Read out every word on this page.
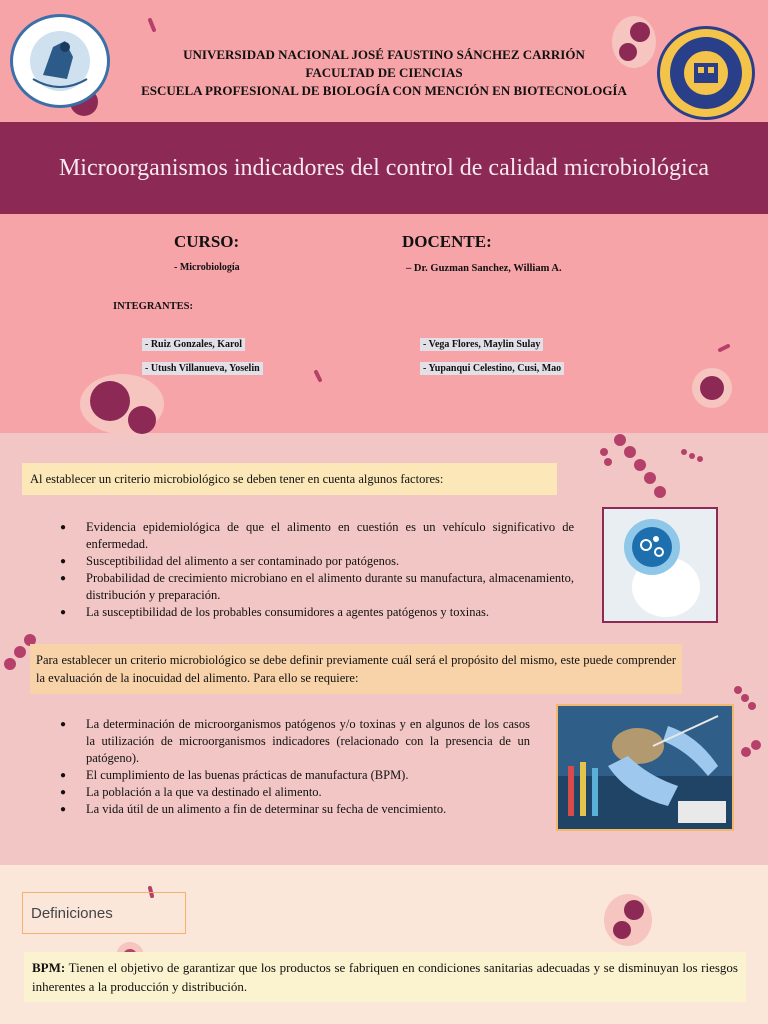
UNIVERSIDAD NACIONAL JOSÉ FAUSTINO SÁNCHEZ CARRIÓN
FACULTAD DE CIENCIAS
ESCUELA PROFESIONAL DE BIOLOGÍA CON MENCIÓN EN BIOTECNOLOGÍA
Microorganismos indicadores del control de calidad microbiológica
CURSO:
- Microbiología
DOCENTE:
– Dr. Guzman Sanchez, William A.
INTEGRANTES:
- Ruiz Gonzales, Karol
- Utush Villanueva, Yoselin
- Vega Flores, Maylin Sulay
- Yupanqui Celestino, Cusi, Mao
Al establecer un criterio microbiológico se deben tener en cuenta algunos factores:
● Evidencia epidemiológica de que el alimento en cuestión es un vehículo significativo de enfermedad.
● Susceptibilidad del alimento a ser contaminado por patógenos.
● Probabilidad de crecimiento microbiano en el alimento durante su manufactura, almacenamiento, distribución y preparación.
● La susceptibilidad de los probables consumidores a agentes patógenos y toxinas.
Para establecer un criterio microbiológico se debe definir previamente cuál será el propósito del mismo, este puede comprender la evaluación de la inocuidad del alimento. Para ello se requiere:
● La determinación de microorganismos patógenos y/o toxinas y en algunos de los casos la utilización de microorganismos indicadores (relacionado con la presencia de un patógeno).
● El cumplimiento de las buenas prácticas de manufactura (BPM).
● La población a la que va destinado el alimento.
● La vida útil de un alimento a fin de determinar su fecha de vencimiento.
Definiciones
BPM: Tienen el objetivo de garantizar que los productos se fabriquen en condiciones sanitarias adecuadas y se disminuyan los riesgos inherentes a la producción y distribución.
